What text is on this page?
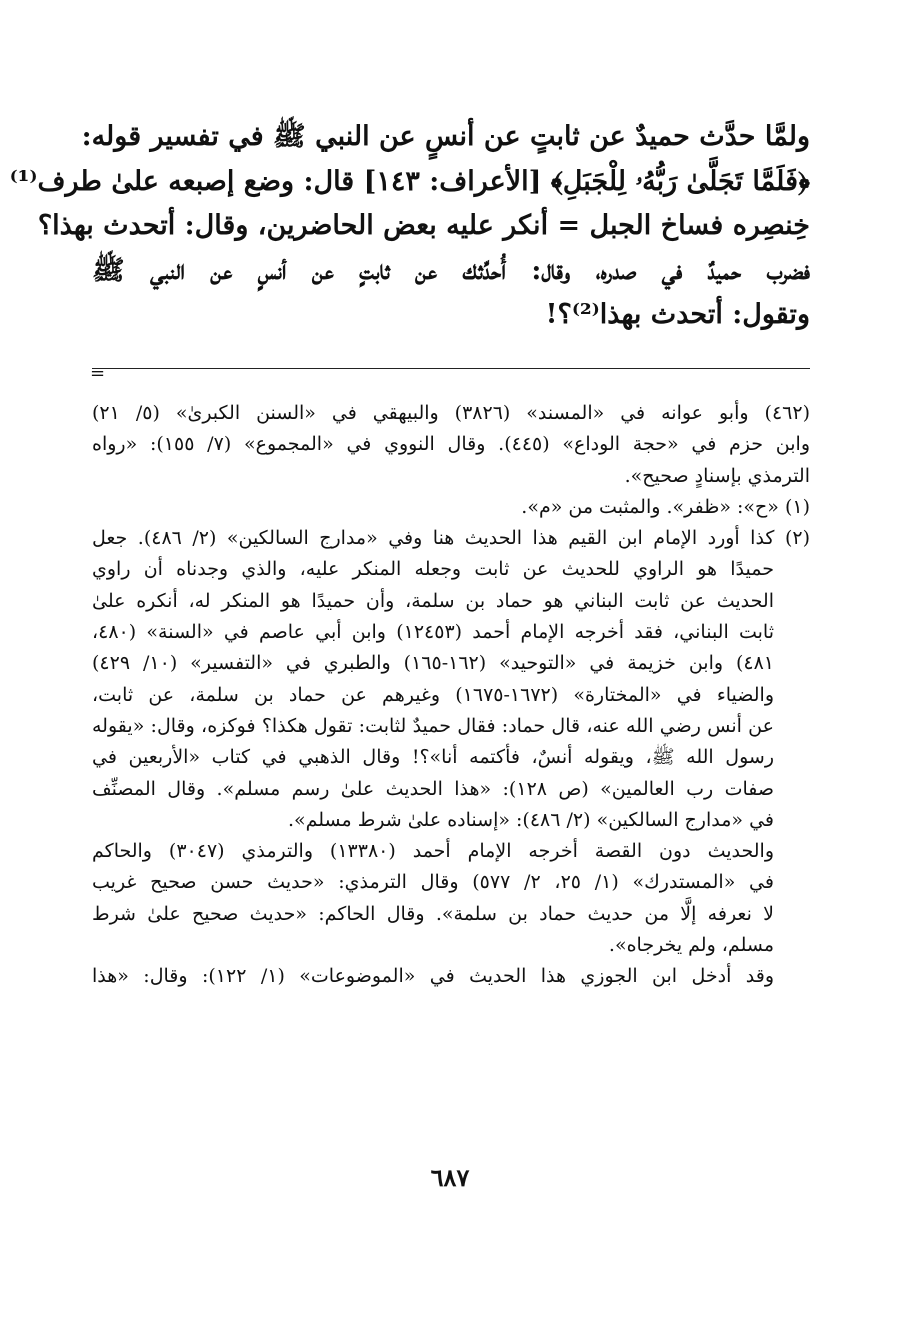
ولمَّا حدَّث حميدٌ عن ثابتٍ عن أنسٍ عن النبي ﷺ في تفسير قوله:
﴿فَلَمَّا تَجَلَّىٰ رَبُّهُۥ لِلْجَبَلِ﴾ [الأعراف: ١٤٣] قال: وضع إصبعه علىٰ طرف⁽¹⁾
خِنصِره فساخ الجبل = أنكر عليه بعض الحاضرين، وقال: أتحدث بهذا؟
فضرب حميدٌ في صدره، وقال: أُحدِّثك عن ثابتٍ عن أنسٍ عن النبي ﷺ
وتقول: أتحدث بهذا⁽²⁾؟!
=
(٤٦٢) وأبو عوانه في «المسند» (٣٨٢٦) والبيهقي في «السنن الكبرىٰ» (٥/ ٢١)
وابن حزم في «حجة الوداع» (٤٤٥). وقال النووي في «المجموع» (٧/ ١٥٥): «رواه
الترمذي بإسنادٍ صحيح».
(١) «ح»: «ظفر». والمثبت من «م».
(٢) كذا أورد الإمام ابن القيم هذا الحديث هنا وفي «مدارج السالكين» (٢/ ٤٨٦). جعل
حميدًا هو الراوي للحديث عن ثابت وجعله المنكر عليه، والذي وجدناه أن راوي
الحديث عن ثابت البناني هو حماد بن سلمة، وأن حميدًا هو المنكر له، أنكره علىٰ
ثابت البناني، فقد أخرجه الإمام أحمد (١٢٤٥٣) وابن أبي عاصم في «السنة» (٤٨٠،
٤٨١) وابن خزيمة في «التوحيد» (١٦٢-١٦٥) والطبري في «التفسير» (١٠/ ٤٢٩)
والضياء في «المختارة» (١٦٧٢-١٦٧٥) وغيرهم عن حماد بن سلمة، عن ثابت،
عن أنس رضي الله عنه، قال حماد: فقال حميدٌ لثابت: تقول هكذا؟ فوكزه، وقال: «يقوله
رسول الله ﷺ، ويقوله أنسٌ، فأكتمه أنا»؟! وقال الذهبي في كتاب «الأربعين في
صفات رب العالمين» (ص ١٢٨): «هذا الحديث علىٰ رسم مسلم». وقال المصنِّف
في «مدارج السالكين» (٢/ ٤٨٦): «إسناده علىٰ شرط مسلم».
والحديث دون القصة أخرجه الإمام أحمد (١٣٣٨٠) والترمذي (٣٠٤٧) والحاكم
في «المستدرك» (١/ ٢٥، ٢/ ٥٧٧) وقال الترمذي: «حديث حسن صحيح غريب
لا نعرفه إلَّا من حديث حماد بن سلمة». وقال الحاكم: «حديث صحيح علىٰ شرط
مسلم، ولم يخرجاه».
وقد أدخل ابن الجوزي هذا الحديث في «الموضوعات» (١/ ١٢٢): وقال: «هذا
٦٨٧
